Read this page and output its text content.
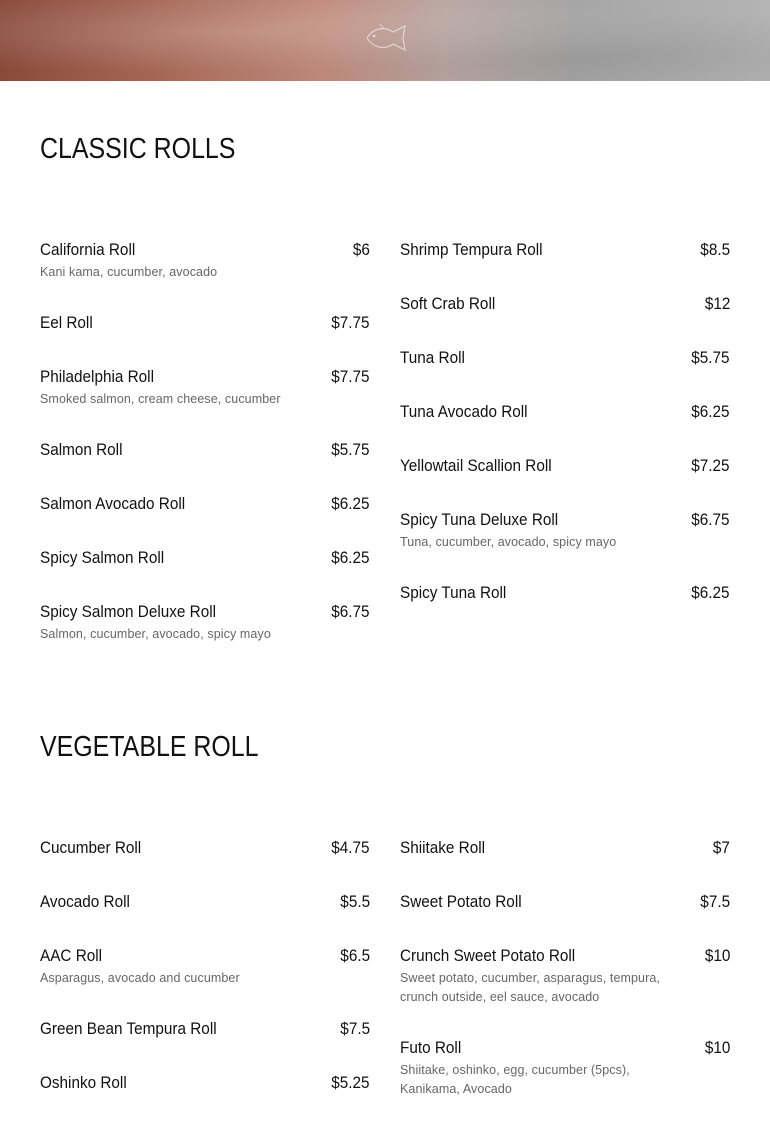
CLASSIC ROLLS
California Roll	$6
Kani kama, cucumber, avocado
Eel Roll	$7.75
Philadelphia Roll	$7.75
Smoked salmon, cream cheese, cucumber
Salmon Roll	$5.75
Salmon Avocado Roll	$6.25
Spicy Salmon Roll	$6.25
Spicy Salmon Deluxe Roll	$6.75
Salmon, cucumber, avocado, spicy mayo
Shrimp Tempura Roll	$8.5
Soft Crab Roll	$12
Tuna Roll	$5.75
Tuna Avocado Roll	$6.25
Yellowtail Scallion Roll	$7.25
Spicy Tuna Deluxe Roll	$6.75
Tuna, cucumber, avocado, spicy mayo
Spicy Tuna Roll	$6.25
VEGETABLE ROLL
Cucumber Roll	$4.75
Avocado Roll	$5.5
AAC Roll	$6.5
Asparagus, avocado and cucumber
Green Bean Tempura Roll	$7.5
Oshinko Roll	$5.25
Shiitake Roll	$7
Sweet Potato Roll	$7.5
Crunch Sweet Potato Roll	$10
Sweet potato, cucumber, asparagus, tempura, crunch outside, eel sauce, avocado
Futo Roll	$10
Shiitake, oshinko, egg, cucumber (5pcs), Kanikama, Avocado
